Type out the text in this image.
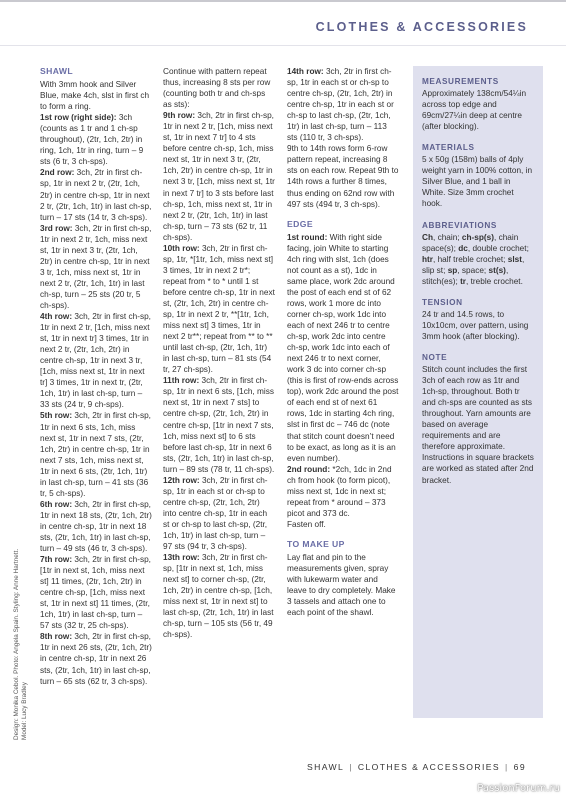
CLOTHES & ACCESSORIES

SHAWL

With 3mm hook and Silver Blue, make 4ch, slst in first ch to form a ring.

1st row (right side): 3ch (counts as 1 tr and 1 ch-sp throughout), (2tr, 1ch, 2tr) in ring, 1ch, 1tr in ring, turn – 9 sts (6 tr, 3 ch-sps).

2nd row: 3ch, 2tr in first ch-sp, 1tr in next 2 tr, (2tr, 1ch, 2tr) in centre ch-sp, 1tr in next 2 tr, (2tr, 1ch, 1tr) in last ch-sp, turn – 17 sts (14 tr, 3 ch-sps).

3rd row: 3ch, 2tr in first ch-sp, 1tr in next 2 tr, 1ch, miss next st, 1tr in next 3 tr, (2tr, 1ch, 2tr) in centre ch-sp, 1tr in next 3 tr, 1ch, miss next st, 1tr in next 2 tr, (2tr, 1ch, 1tr) in last ch-sp, turn – 25 sts (20 tr, 5 ch-sps).

4th row: 3ch, 2tr in first ch-sp, 1tr in next 2 tr, [1ch, miss next st, 1tr in next tr] 3 times, 1tr in next 2 tr, (2tr, 1ch, 2tr) in centre ch-sp, 1tr in next 3 tr, [1ch, miss next st, 1tr in next tr] 3 times, 1tr in next tr, (2tr, 1ch, 1tr) in last ch-sp, turn – 33 sts (24 tr, 9 ch-sps).

5th row: 3ch, 2tr in first ch-sp, 1tr in next 6 sts, 1ch, miss next st, 1tr in next 7 sts, (2tr, 1ch, 2tr) in centre ch-sp, 1tr in next 7 sts, 1ch, miss next st, 1tr in next 6 sts, (2tr, 1ch, 1tr) in last ch-sp, turn – 41 sts (36 tr, 5 ch-sps).

6th row: 3ch, 2tr in first ch-sp, 1tr in next 18 sts, (2tr, 1ch, 2tr) in centre ch-sp, 1tr in next 18 sts, (2tr, 1ch, 1tr) in last ch-sp, turn – 49 sts (46 tr, 3 ch-sps).

7th row: 3ch, 2tr in first ch-sp, [1tr in next st, 1ch, miss next st] 11 times, (2tr, 1ch, 2tr) in centre ch-sp, [1ch, miss next st, 1tr in next st] 11 times, (2tr, 1ch, 1tr) in last ch-sp, turn – 57 sts (32 tr, 25 ch-sps).

8th row: 3ch, 2tr in first ch-sp, 1tr in next 26 sts, (2tr, 1ch, 2tr) in centre ch-sp, 1tr in next 26 sts, (2tr, 1ch, 1tr) in last ch-sp, turn – 65 sts (62 tr, 3 ch-sps).

Continue with pattern repeat thus, increasing 8 sts per row (counting both tr and ch-sps as sts):

9th row: 3ch, 2tr in first ch-sp, 1tr in next 2 tr, [1ch, miss next st, 1tr in next 7 tr] to 4 sts before centre ch-sp, 1ch, miss next st, 1tr in next 3 tr, (2tr, 1ch, 2tr) in centre ch-sp, 1tr in next 3 tr, [1ch, miss next st, 1tr in next 7 tr] to 3 sts before last ch-sp, 1ch, miss next st, 1tr in next 2 tr, (2tr, 1ch, 1tr) in last ch-sp, turn – 73 sts (62 tr, 11 ch-sps).

10th row: 3ch, 2tr in first ch-sp, 1tr, *[1tr, 1ch, miss next st] 3 times, 1tr in next 2 tr*; repeat from * to * until 1 st before centre ch-sp, 1tr in next st, (2tr, 1ch, 2tr) in centre ch-sp, 1tr in next 2 tr, **[1tr, 1ch, miss next st] 3 times, 1tr in next 2 tr**; repeat from ** to ** until last ch-sp, (2tr, 1ch, 1tr) in last ch-sp, turn – 81 sts (54 tr, 27 ch-sps).

11th row: 3ch, 2tr in first ch-sp, 1tr in next 6 sts, [1ch, miss next st, 1tr in next 7 sts] to centre ch-sp, (2tr, 1ch, 2tr) in centre ch-sp, [1tr in next 7 sts, 1ch, miss next st] to 6 sts before last ch-sp, 1tr in next 6 sts, (2tr, 1ch, 1tr) in last ch-sp, turn – 89 sts (78 tr, 11 ch-sps).

12th row: 3ch, 2tr in first ch-sp, 1tr in each st or ch-sp to centre ch-sp, (2tr, 1ch, 2tr) into centre ch-sp, 1tr in each st or ch-sp to last ch-sp, (2tr, 1ch, 1tr) in last ch-sp, turn – 97 sts (94 tr, 3 ch-sps).

13th row: 3ch, 2tr in first ch-sp, [1tr in next st, 1ch, miss next st] to corner ch-sp, (2tr, 1ch, 2tr) in centre ch-sp, [1ch, miss next st, 1tr in next st] to last ch-sp, (2tr, 1ch, 1tr) in last ch-sp, turn – 105 sts (56 tr, 49 ch-sps).

14th row: 3ch, 2tr in first ch-sp, 1tr in each st or ch-sp to centre ch-sp, (2tr, 1ch, 2tr) in centre ch-sp, 1tr in each st or ch-sp to last ch-sp, (2tr, 1ch, 1tr) in last ch-sp, turn – 113 sts (110 tr, 3 ch-sps).

9th to 14th rows form 6-row pattern repeat, increasing 8 sts on each row. Repeat 9th to 14th rows a further 8 times, thus ending on 62nd row with 497 sts (494 tr, 3 ch-sps).

EDGE

1st round: With right side facing, join White to starting 4ch ring with slst, 1ch (does not count as a st), 1dc in same place, work 2dc around the post of each end st of 62 rows, work 1 more dc into corner ch-sp, work 1dc into each of next 246 tr to centre ch-sp, work 2dc into centre ch-sp, work 1dc into each of next 246 tr to next corner, work 3 dc into corner ch-sp (this is first of row-ends across top), work 2dc around the post of each end st of next 61 rows, 1dc in starting 4ch ring, slst in first dc – 746 dc (note that stitch count doesn’t need to be exact, as long as it is an even number).

2nd round: *2ch, 1dc in 2nd ch from hook (to form picot), miss next st, 1dc in next st; repeat from * around – 373 picot and 373 dc.

Fasten off.

TO MAKE UP

Lay flat and pin to the measurements given, spray with lukewarm water and leave to dry completely. Make 3 tassels and attach one to each point of the shawl.

MEASUREMENTS

Approximately 138cm/54¼in across top edge and 69cm/27¼in deep at centre (after blocking).

MATERIALS

5 x 50g (158m) balls of 4ply weight yarn in 100% cotton, in Silver Blue, and 1 ball in White. Size 3mm crochet hook.

ABBREVIATIONS

Ch, chain; ch-sp(s), chain space(s); dc, double crochet; htr, half treble crochet; slst, slip st; sp, space; st(s), stitch(es); tr, treble crochet.

TENSION

24 tr and 14.5 rows, to 10x10cm, over pattern, using 3mm hook (after blocking).

NOTE

Stitch count includes the first 3ch of each row as 1tr and 1ch-sp, throughout. Both tr and ch-sps are counted as sts throughout. Yarn amounts are based on average requirements and are therefore approximate. Instructions in square brackets are worked as stated after 2nd bracket.

Design: Monika Cebol. Photo: Angela Spain. Styling: Anne Hartnett. Model: Lucy Bradley
SHAWL | CLOTHES & ACCESSORIES | 69
PassionForum.ru
